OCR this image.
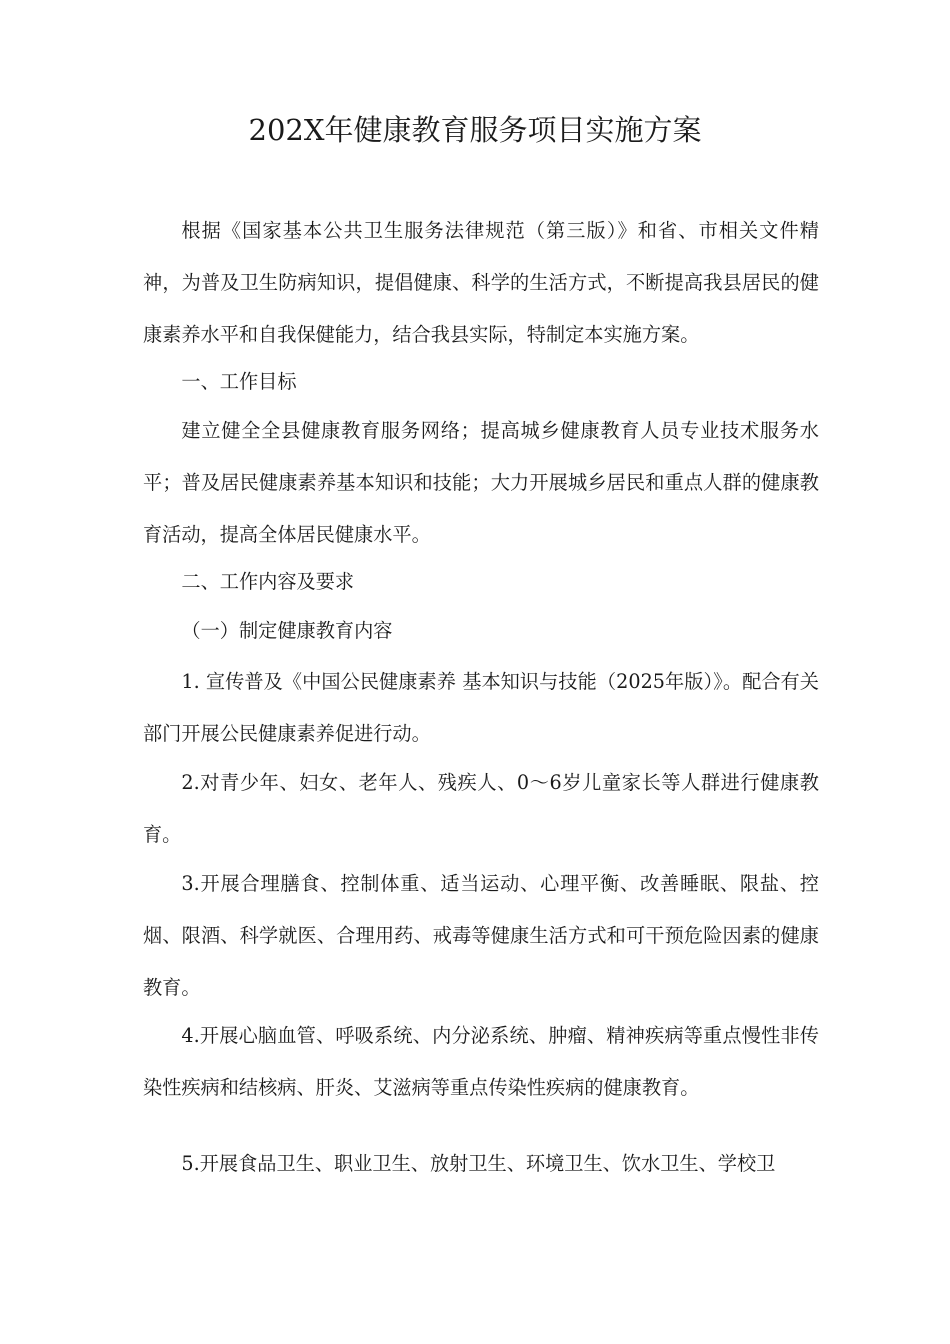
202X年健康教育服务项目实施方案

根据《国家基本公共卫生服务法律规范（第三版）》和省、市相关文件精神，为普及卫生防病知识，提倡健康、科学的生活方式，不断提高我县居民的健康素养水平和自我保健能力，结合我县实际，特制定本实施方案。

一、工作目标

建立健全全县健康教育服务网络；提高城乡健康教育人员专业技术服务水平；普及居民健康素养基本知识和技能；大力开展城乡居民和重点人群的健康教育活动，提高全体居民健康水平。

二、工作内容及要求

（一）制定健康教育内容

1. 宣传普及《中国公民健康素养 基本知识与技能（2025年版）》。配合有关部门开展公民健康素养促进行动。

2.对青少年、妇女、老年人、残疾人、0〜6岁儿童家长等人群进行健康教育。

3.开展合理膳食、控制体重、适当运动、心理平衡、改善睡眠、限盐、控烟、限酒、科学就医、合理用药、戒毒等健康生活方式和可干预危险因素的健康教育。

4.开展心脑血管、呼吸系统、内分泌系统、肿瘤、精神疾病等重点慢性非传染性疾病和结核病、肝炎、艾滋病等重点传染性疾病的健康教育。

5.开展食品卫生、职业卫生、放射卫生、环境卫生、饮水卫生、学校卫
